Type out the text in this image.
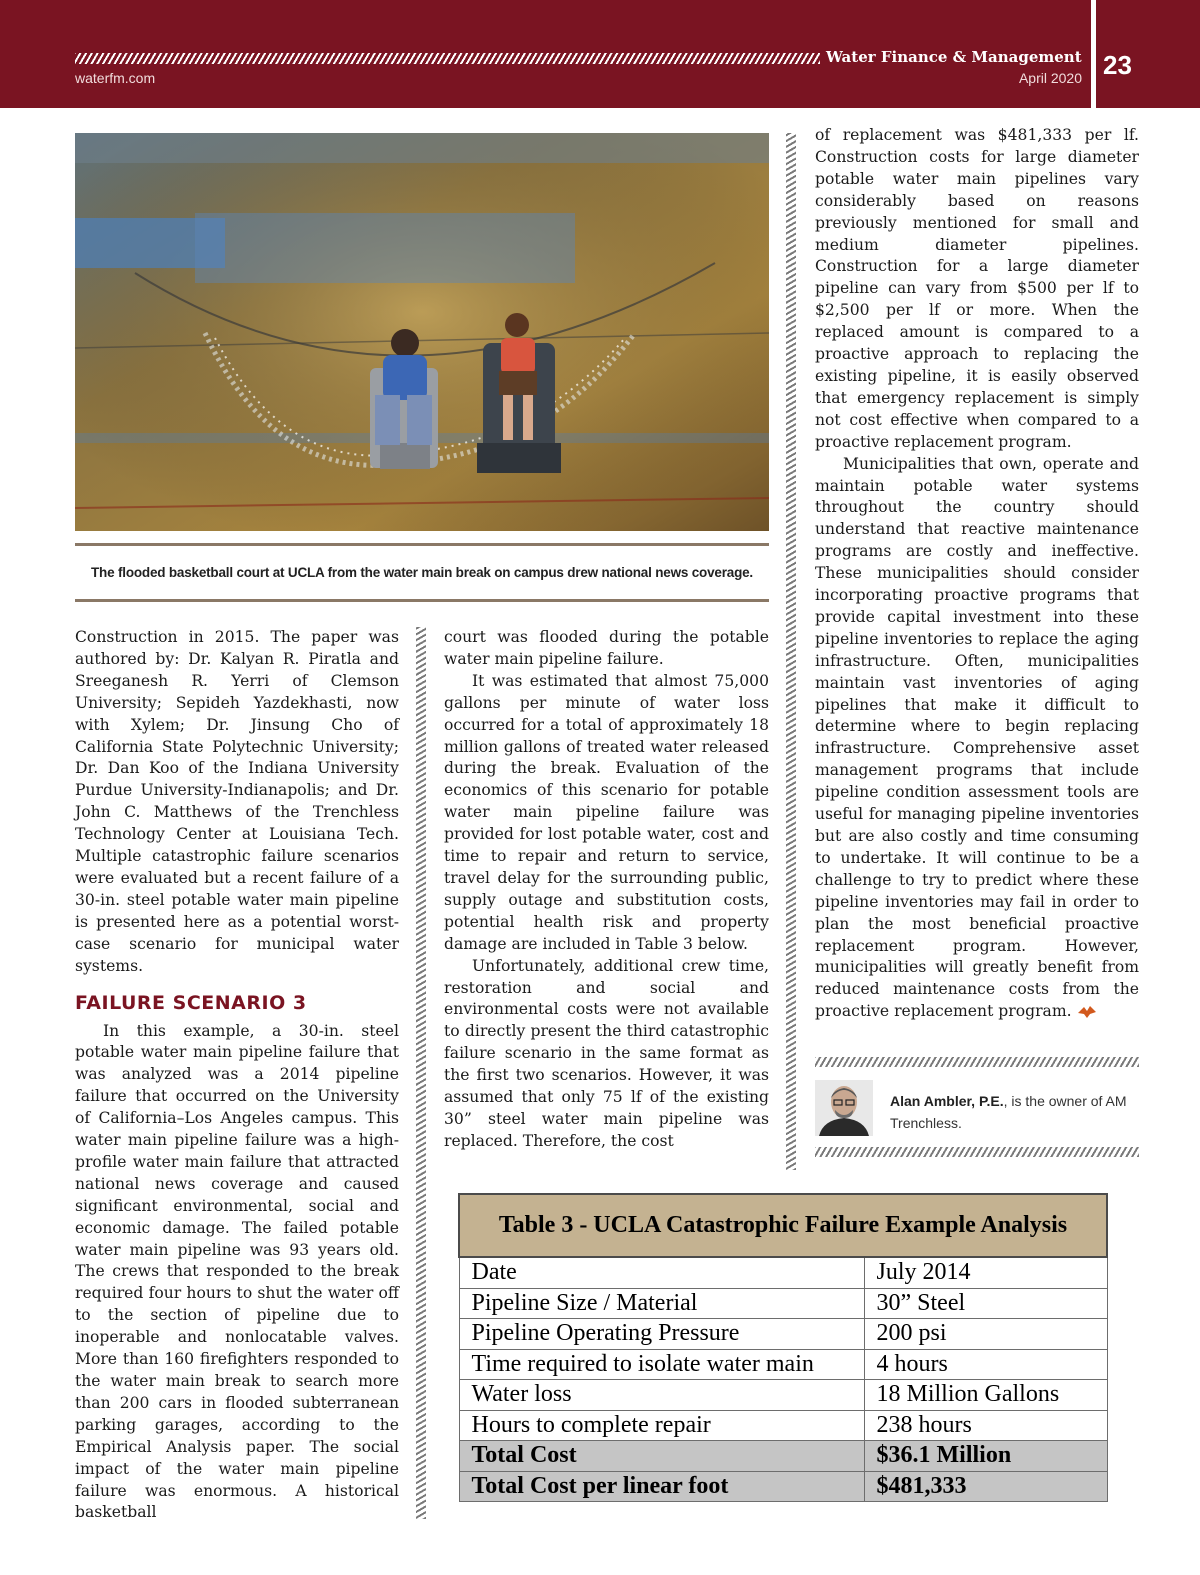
Water Finance & Management
waterfm.com	April 2020 23
The flooded basketball court at UCLA from the water main break on campus drew national news coverage.

Construction in 2015. The paper was authored by: Dr. Kalyan R. Piratla and Sreeganesh R. Yerri of Clemson University; Sepideh Yazdekhasti, now with Xylem; Dr. Jinsung Cho of California State Polytechnic University; Dr. Dan Koo of the Indiana University Purdue University-Indianapolis; and Dr. John C. Matthews of the Trenchless Technology Center at Louisiana Tech. Multiple catastrophic failure scenarios were evaluated but a recent failure of a 30-in. steel potable water main pipeline is presented here as a potential worst-case scenario for municipal water systems.

FAILURE SCENARIO 3

In this example, a 30-in. steel potable water main pipeline failure that was analyzed was a 2014 pipeline failure that occurred on the University of California–Los Angeles campus. This water main pipeline failure was a high-profile water main failure that attracted national news coverage and caused significant environmental, social and economic damage. The failed potable water main pipeline was 93 years old. The crews that responded to the break required four hours to shut the water off to the section of pipeline due to inoperable and nonlocatable valves. More than 160 firefighters responded to the water main break to search more than 200 cars in flooded subterranean parking garages, according to the Empirical Analysis paper. The social impact of the water main pipeline failure was enormous. A historical basketball

court was flooded during the potable water main pipeline failure.

It was estimated that almost 75,000 gallons per minute of water loss occurred for a total of approximately 18 million gallons of treated water released during the break. Evaluation of the economics of this scenario for potable water main pipeline failure was provided for lost potable water, cost and time to repair and return to service, travel delay for the surrounding public, supply outage and substitution costs, potential health risk and property damage are included in Table 3 below.

Unfortunately, additional crew time, restoration and social and environmental costs were not available to directly present the third catastrophic failure scenario in the same format as the first two scenarios. However, it was assumed that only 75 lf of the existing 30” steel water main pipeline was replaced. Therefore, the cost

of replacement was $481,333 per lf. Construction costs for large diameter potable water main pipelines vary considerably based on reasons previously mentioned for small and medium diameter pipelines. Construction for a large diameter pipeline can vary from $500 per lf to $2,500 per lf or more. When the replaced amount is compared to a proactive approach to replacing the existing pipeline, it is easily observed that emergency replacement is simply not cost effective when compared to a proactive replacement program.

Municipalities that own, operate and maintain potable water systems throughout the country should understand that reactive maintenance programs are costly and ineffective. These municipalities should consider incorporating proactive programs that provide capital investment into these pipeline inventories to replace the aging infrastructure. Often, municipalities maintain vast inventories of aging pipelines that make it difficult to determine where to begin replacing infrastructure. Comprehensive asset management programs that include pipeline condition assessment tools are useful for managing pipeline inventories but are also costly and time consuming to undertake. It will continue to be a challenge to try to predict where these pipeline inventories may fail in order to plan the most beneficial proactive replacement program. However, municipalities will greatly benefit from reduced maintenance costs from the proactive replacement program.

Alan Ambler, P.E., is the owner of AM Trenchless.
Table 3 - UCLA Catastrophic Failure Example Analysis	
Date	July 2014
Pipeline Size / Material	30” Steel
Pipeline Operating Pressure	200 psi
Time required to isolate water main	4 hours
Water loss	18 Million Gallons
Hours to complete repair	238 hours
Total Cost	$36.1 Million
Total Cost per linear foot	$481,333
